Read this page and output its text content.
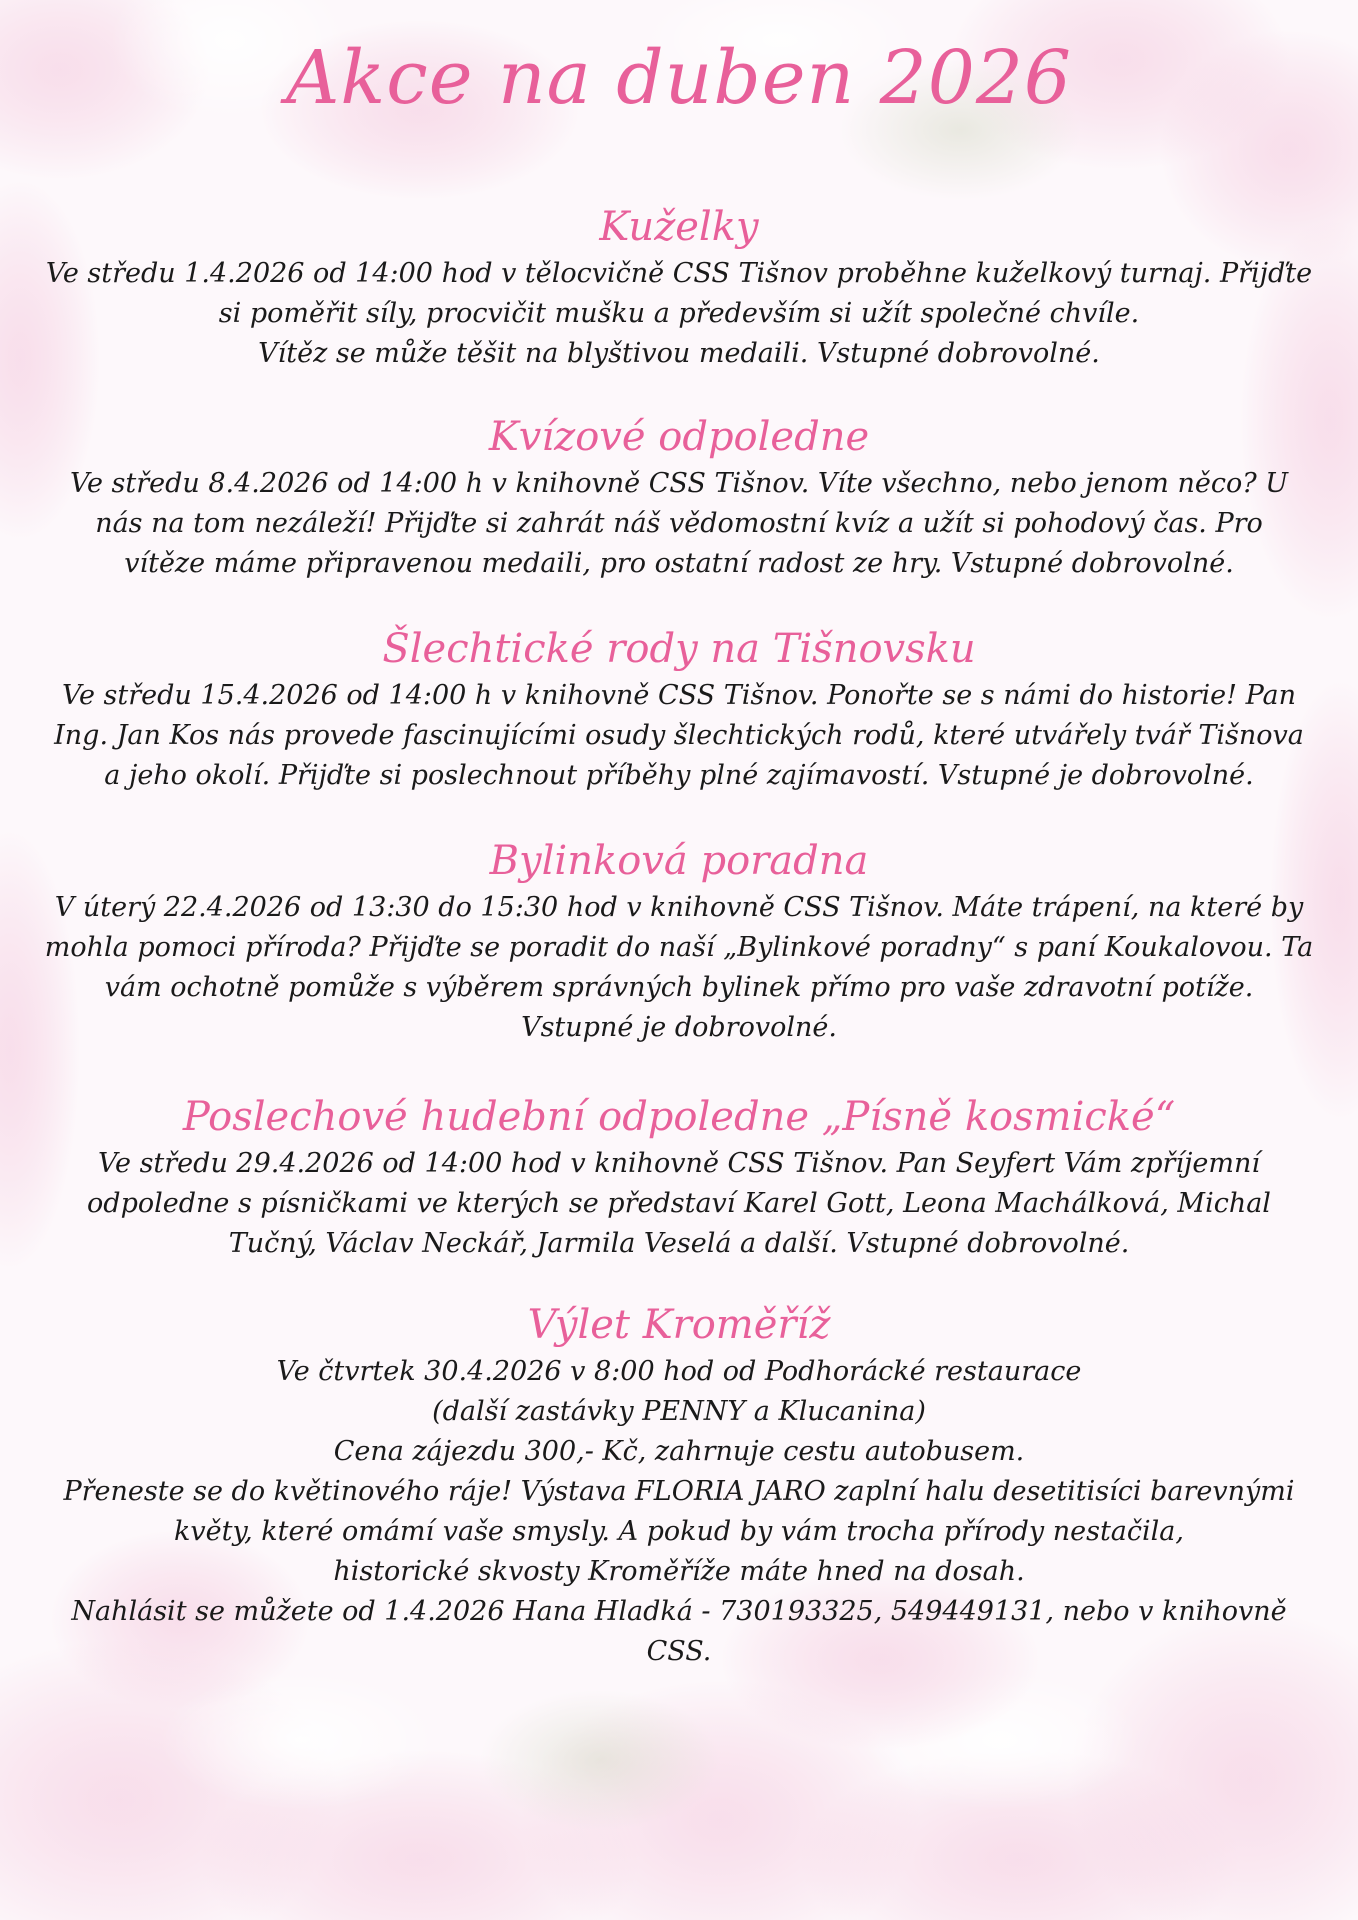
Akce na duben 2026
Kuželky

Ve středu 1.4.2026 od 14:00 hod v tělocvičně CSS Tišnov proběhne kuželkový turnaj. Přijďte

si poměřit síly, procvičit mušku a především si užít společné chvíle.

Vítěz se může těšit na blyštivou medaili. Vstupné dobrovolné.

Kvízové odpoledne

Ve středu 8.4.2026 od 14:00 h v knihovně CSS Tišnov. Víte všechno, nebo jenom něco? U

nás na tom nezáleží! Přijďte si zahrát náš vědomostní kvíz a užít si pohodový čas. Pro

vítěze máme připravenou medaili, pro ostatní radost ze hry. Vstupné dobrovolné.

Šlechtické rody na Tišnovsku

Ve středu 15.4.2026 od 14:00 h v knihovně CSS Tišnov. Ponořte se s námi do historie! Pan

Ing. Jan Kos nás provede fascinujícími osudy šlechtických rodů, které utvářely tvář Tišnova

a jeho okolí. Přijďte si poslechnout příběhy plné zajímavostí. Vstupné je dobrovolné.

Bylinková poradna

V úterý 22.4.2026 od 13:30 do 15:30 hod v knihovně CSS Tišnov. Máte trápení, na které by

mohla pomoci příroda? Přijďte se poradit do naší „Bylinkové poradny“ s paní Koukalovou. Ta

vám ochotně pomůže s výběrem správných bylinek přímo pro vaše zdravotní potíže.

Vstupné je dobrovolné.

Poslechové hudební odpoledne „Písně kosmické“

Ve středu 29.4.2026 od 14:00 hod v knihovně CSS Tišnov. Pan Seyfert Vám zpříjemní

odpoledne s písničkami ve kterých se představí Karel Gott, Leona Machálková, Michal

Tučný, Václav Neckář, Jarmila Veselá a další. Vstupné dobrovolné.

Výlet Kroměříž

Ve čtvrtek 30.4.2026 v 8:00 hod od Podhorácké restaurace

(další zastávky PENNY a Klucanina)

Cena zájezdu 300,- Kč, zahrnuje cestu autobusem.

Přeneste se do květinového ráje! Výstava FLORIA JARO zaplní halu desetitisíci barevnými

květy, které omámí vaše smysly. A pokud by vám trocha přírody nestačila,

historické skvosty Kroměříže máte hned na dosah.

Nahlásit se můžete od 1.4.2026 Hana Hladká - 730193325, 549449131, nebo v knihovně

CSS.
